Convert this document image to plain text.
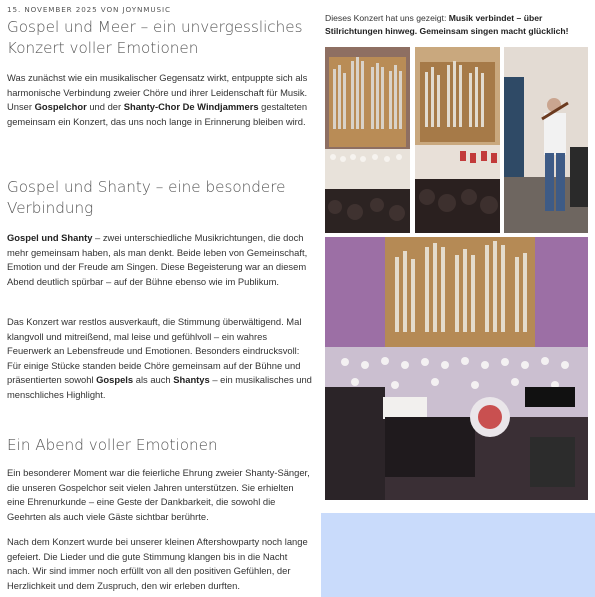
15. NOVEMBER 2025 VON JOYNMUSIC
Gospel und Meer – ein unvergessliches Konzert voller Emotionen

Was zunächst wie ein musikalischer Gegensatz wirkt, entpuppte sich als harmonische Verbindung zweier Chöre und ihrer Leidenschaft für Musik. Unser Gospelchor und der Shanty-Chor De Windjammers gestalteten gemeinsam ein Konzert, das uns noch lange in Erinnerung bleiben wird.

Gospel und Shanty – eine besondere Verbindung

Gospel und Shanty – zwei unterschiedliche Musikrichtungen, die doch mehr gemeinsam haben, als man denkt. Beide leben von Gemeinschaft, Emotion und der Freude am Singen. Diese Begeisterung war an diesem Abend deutlich spürbar – auf der Bühne ebenso wie im Publikum.

Das Konzert war restlos ausverkauft, die Stimmung überwältigend. Mal klangvoll und mitreißend, mal leise und gefühlvoll – ein wahres Feuerwerk an Lebensfreude und Emotionen. Besonders eindrucksvoll: Für einige Stücke standen beide Chöre gemeinsam auf der Bühne und präsentierten sowohl Gospels als auch Shantys – ein musikalisches und menschliches Highlight.

Ein Abend voller Emotionen

Ein besonderer Moment war die feierliche Ehrung zweier Shanty-Sänger, die unseren Gospelchor seit vielen Jahren unterstützen. Sie erhielten eine Ehrenurkunde – eine Geste der Dankbarkeit, die sowohl die Geehrten als auch viele Gäste sichtbar berührte.

Nach dem Konzert wurde bei unserer kleinen Aftershowparty noch lange gefeiert. Die Lieder und die gute Stimmung klangen bis in die Nacht nach. Wir sind immer noch erfüllt von all den positiven Gefühlen, der Herzlichkeit und dem Zuspruch, den wir erleben durften.

Dieses Konzert hat uns gezeigt: Musik verbindet – über Stilrichtungen hinweg. Gemeinsam singen macht glücklich!
